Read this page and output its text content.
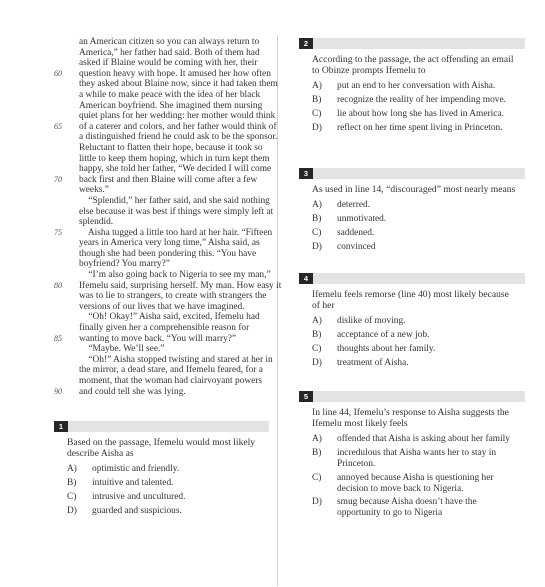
an American citizen so you can always return to
America,” her father had said. Both of them had
asked if Blaine would be coming with her, their
60	question heavy with hope. It amused her how often
they asked about Blaine now, since it had taken them
a while to make peace with the idea of her black
American boyfriend. She imagined them nursing
quiet plans for her wedding: her mother would think
65	of a caterer and colors, and her father would think of
a distinguished friend he could ask to be the sponsor.
Reluctant to flatten their hope, because it took so
little to keep them hoping, which in turn kept them
happy, she told her father, “We decided I will come
70	back first and then Blaine will come after a few
weeks.”
“Splendid,” her father said, and she said nothing
else because it was best if things were simply left at
splendid.
75	Aisha tugged a little too hard at her hair. “Fifteen
years in America very long time,” Aisha said, as
though she had been pondering this. “You have
boyfriend? You marry?”
“I’m also going back to Nigeria to see my man,”
80	Ifemelu said, surprising herself. My man. How easy it
was to lie to strangers, to create with strangers the
versions of our lives that we have imagined.
“Oh! Okay!” Aisha said, excited, Ifemelu had
finally given her a comprehensible reason for
85	wanting to move back. “You will marry?”
“Maybe. We’ll see.”
“Oh!” Aisha stopped twisting and stared at her in
the mirror, a dead stare, and Ifemelu feared, for a
moment, that the woman had clairvoyant powers
90	and could tell she was lying.
1
Based on the passage, Ifemelu would most likely
describe Aisha as
A) optimistic and friendly.
B) intuitive and talented.
C) intrusive and uncultured.
D) guarded and suspicious.
2
According to the passage, the act offending an email
to Obinze prompts Ifemelu to
A) put an end to her conversation with Aisha.
B) recognize the reality of her impending move.
C) lie about how long she has lived in America.
D) reflect on her time spent living in Princeton.
3
As used in line 14, “discouraged” most nearly means
A) deterred.
B) unmotivated.
C) saddened.
D) convinced
4
Ifemelu feels remorse (line 40) most likely because
of her
A) dislike of moving.
B) acceptance of a new job.
C) thoughts about her family.
D) treatment of Aisha.
5
In line 44, Ifemelu’s response to Aisha suggests the
Ifemelu most likely feels
A) offended that Aisha is asking about her family
B) incredulous that Aisha wants her to stay in
Princeton.
C) annoyed because Aisha is questioning her
decision to move back to Nigeria.
D) smug because Aisha doesn’t have the
opportunity to go to Nigeria
